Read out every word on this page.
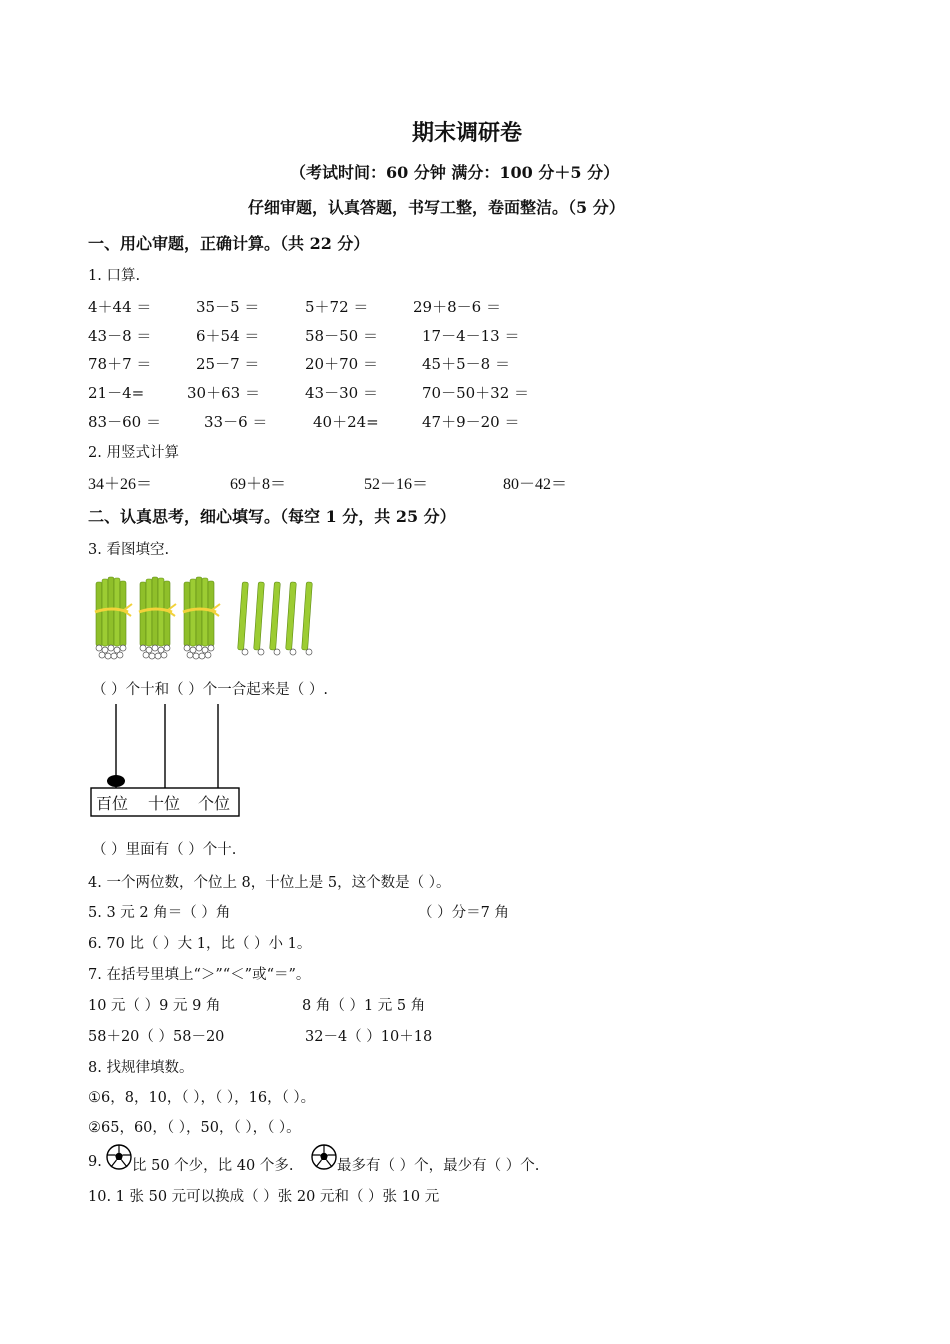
期末调研卷
（考试时间：60 分钟 满分：100 分＋5 分）
仔细审题，认真答题，书写工整，卷面整洁。（5 分）
一、用心审题，正确计算。（共 22 分）
1. 口算.
4＋44 ＝	35－5 ＝	5＋72 ＝	29＋8－6 ＝
43－8 ＝	6＋54 ＝	58－50 ＝	17－4－13 ＝
78＋7 ＝	25－7 ＝	20＋70 ＝	45＋5－8 ＝
21－4=	30＋63 ＝	43－30 ＝	70－50＋32 ＝
83－60 ＝	33－6 ＝	40＋24=	47＋9－20 ＝
2. 用竖式计算
34＋26＝	69＋8＝	52－16＝	80－42＝
二、认真思考，细心填写。（每空 1 分，共 25 分）
3. 看图填空.
（ ）个十和（ ）个一合起来是（ ）.
百位 十位 个位
（ ）里面有（ ）个十.
4. 一个两位数，个位上 8，十位上是 5，这个数是（ ）。
5. 3 元 2 角＝（ ）角	（ ）分＝7 角
6. 70 比（ ）大 1，比（ ）小 1。
7. 在括号里填上“＞”“＜”或“＝”。
10 元（ ）9 元 9 角	8 角（ ）1 元 5 角
58＋20（ ）58－20	32－4（ ）10＋18
8. 找规律填数。
①6，8，10，（ ），（ ），16，（ ）。
②65，60，（ ），50，（ ），（ ）。
9. 比 50 个少，比 40 个多.	最多有（ ）个，最少有（ ）个.
10. 1 张 50 元可以换成（ ）张 20 元和（ ）张 10 元
